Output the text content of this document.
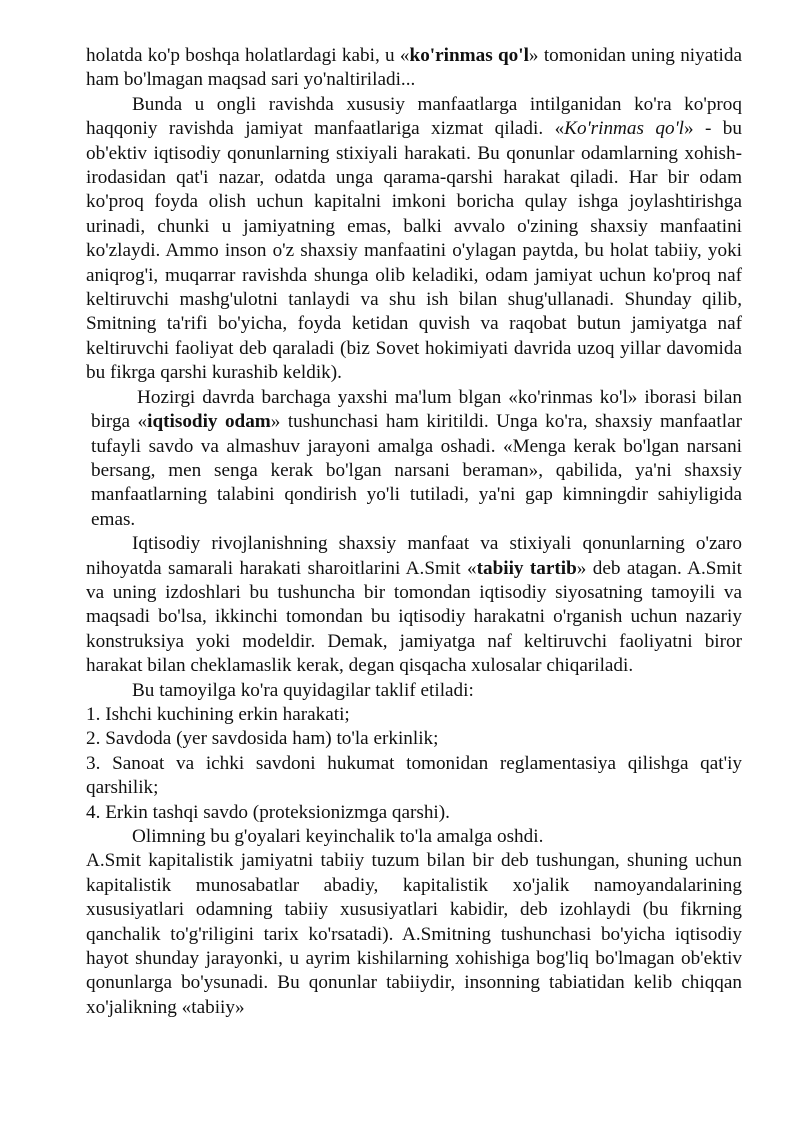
holatda ko'p boshqa holatlardagi kabi, u «ko'rinmas qo'l» tomonidan uning niyatida ham bo'lmagan maqsad sari yo'naltiriladi...

Bunda u ongli ravishda xususiy manfaatlarga intilganidan ko'ra ko'proq haqqoniy ravishda jamiyat manfaatlariga xizmat qiladi. «Ko'rinmas qo'l» - bu ob'ektiv iqtisodiy qonunlarning stixiyali harakati. Bu qonunlar odamlarning xohish-irodasidan qat'i nazar, odatda unga qarama-qarshi harakat qiladi. Har bir odam ko'proq foyda olish uchun kapitalni imkoni boricha qulay ishga joylashtirishga urinadi, chunki u jamiyatning emas, balki avvalo o'zining shaxsiy manfaatini ko'zlaydi. Ammo inson o'z shaxsiy manfaatini o'ylagan paytda, bu holat tabiiy, yoki aniqrog'i, muqarrar ravishda shunga olib keladiki, odam jamiyat uchun ko'proq naf keltiruvchi mashg'ulotni tanlaydi va shu ish bilan shug'ullanadi. Shunday qilib, Smitning ta'rifi bo'yicha, foyda ketidan quvish va raqobat butun jamiyatga naf keltiruvchi faoliyat deb qaraladi (biz Sovet hokimiyati davrida uzoq yillar davomida bu fikrga qarshi kurashib keldik).

Hozirgi davrda barchaga yaxshi ma'lum blgan «ko'rinmas ko'l» iborasi bilan birga «iqtisodiy odam» tushunchasi ham kiritildi. Unga ko'ra, shaxsiy manfaatlar tufayli savdo va almashuv jarayoni amalga oshadi. «Menga kerak bo'lgan narsani bersang, men senga kerak bo'lgan narsani beraman», qabilida, ya'ni shaxsiy manfaatlarning talabini qondirish yo'li tutiladi, ya'ni gap kimningdir sahiyligida emas.

Iqtisodiy rivojlanishning shaxsiy manfaat va stixiyali qonunlarning o'zaro nihoyatda samarali harakati sharoitlarini A.Smit «tabiiy tartib» deb atagan. A.Smit va uning izdoshlari bu tushuncha bir tomondan iqtisodiy siyosatning tamoyili va maqsadi bo'lsa, ikkinchi tomondan bu iqtisodiy harakatni o'rganish uchun nazariy konstruksiya yoki modeldir. Demak, jamiyatga naf keltiruvchi faoliyatni biror harakat bilan cheklamaslik kerak, degan qisqacha xulosalar chiqariladi.

Bu tamoyilga ko'ra quyidagilar taklif etiladi:

1. Ishchi kuchining erkin harakati;

2. Savdoda (yer savdosida ham) to'la erkinlik;

3. Sanoat va ichki savdoni hukumat tomonidan reglamentasiya qilishga qat'iy qarshilik;

4. Erkin tashqi savdo (proteksionizmga qarshi).

Olimning bu g'oyalari keyinchalik to'la amalga oshdi.

A.Smit kapitalistik jamiyatni tabiiy tuzum bilan bir deb tushungan, shuning uchun kapitalistik munosabatlar abadiy, kapitalistik xo'jalik namoyandalarining xususiyatlari odamning tabiiy xususiyatlari kabidir, deb izohlaydi (bu fikrning qanchalik to'g'riligini tarix ko'rsatadi). A.Smitning tushunchasi bo'yicha iqtisodiy hayot shunday jarayonki, u ayrim kishilarning xohishiga bog'liq bo'lmagan ob'ektiv qonunlarga bo'ysunadi. Bu qonunlar tabiiydir, insonning tabiatidan kelib chiqqan xo'jalikning «tabiiy»
